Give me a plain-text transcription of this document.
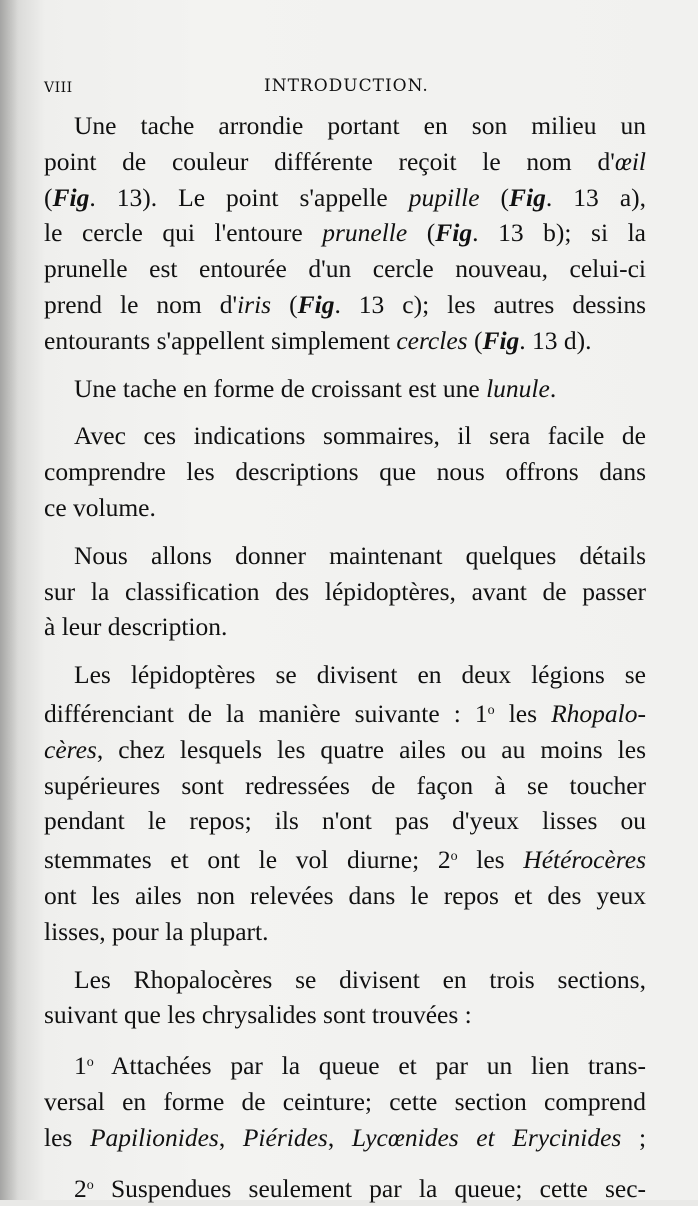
VIII	INTRODUCTION.
Une tache arrondie portant en son milieu un
point de couleur différente reçoit le nom d'œil
(Fig. 13). Le point s'appelle pupille (Fig. 13 a),
le cercle qui l'entoure prunelle (Fig. 13 b); si la
prunelle est entourée d'un cercle nouveau, celui-ci
prend le nom d'iris (Fig. 13 c); les autres dessins
entourants s'appellent simplement cercles (Fig. 13 d).
Une tache en forme de croissant est une lunule.
Avec ces indications sommaires, il sera facile de
comprendre les descriptions que nous offrons dans
ce volume.
Nous allons donner maintenant quelques détails
sur la classification des lépidoptères, avant de passer
à leur description.
Les lépidoptères se divisent en deux légions se
différenciant de la manière suivante : 1$^o$ les Rhopalo-
cères, chez lesquels les quatre ailes ou au moins les
supérieures sont redressées de façon à se toucher
pendant le repos; ils n'ont pas d'yeux lisses ou
stemmates et ont le vol diurne; 2$^o$ les Hétérocères
ont les ailes non relevées dans le repos et des yeux
lisses, pour la plupart.
Les Rhopalocères se divisent en trois sections,
suivant que les chrysalides sont trouvées :
1$^o$ Attachées par la queue et par un lien trans-
versal en forme de ceinture; cette section comprend
les Papilionides, Piérides, Lycœnides et Erycinides ;
2$^o$ Suspendues seulement par la queue; cette sec-
